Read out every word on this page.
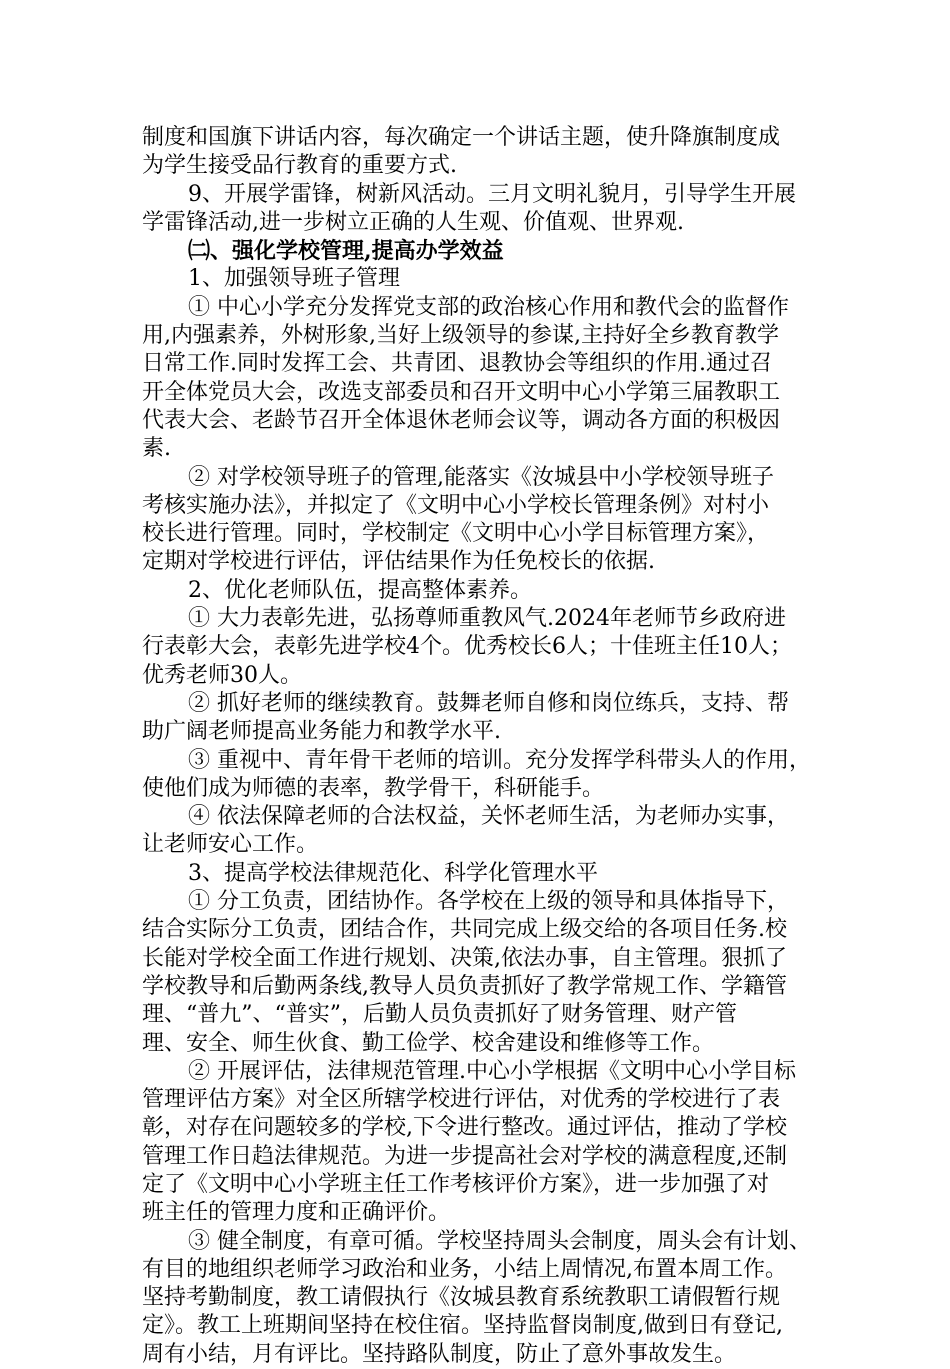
制度和国旗下讲话内容，每次确定一个讲话主题，使升降旗制度成
为学生接受品行教育的重要方式.
9、开展学雷锋，树新风活动。三月文明礼貌月，引导学生开展
学雷锋活动,进一步树立正确的人生观、价值观、世界观.
㈡、强化学校管理,提高办学效益
1、加强领导班子管理
① 中心小学充分发挥党支部的政治核心作用和教代会的监督作
用,内强素养，外树形象,当好上级领导的参谋,主持好全乡教育教学
日常工作.同时发挥工会、共青团、退教协会等组织的作用.通过召
开全体党员大会，改选支部委员和召开文明中心小学第三届教职工
代表大会、老龄节召开全体退休老师会议等，调动各方面的积极因
素.
② 对学校领导班子的管理,能落实《汝城县中小学校领导班子
考核实施办法》，并拟定了《文明中心小学校长管理条例》对村小
校长进行管理。同时，学校制定《文明中心小学目标管理方案》，
定期对学校进行评估，评估结果作为任免校长的依据.
2、优化老师队伍，提高整体素养。
① 大力表彰先进，弘扬尊师重教风气.2024年老师节乡政府进
行表彰大会，表彰先进学校4个。优秀校长6人；十佳班主任10人；
优秀老师30人。
② 抓好老师的继续教育。鼓舞老师自修和岗位练兵，支持、帮
助广阔老师提高业务能力和教学水平.
③ 重视中、青年骨干老师的培训。充分发挥学科带头人的作用，
使他们成为师德的表率，教学骨干，科研能手。
④ 依法保障老师的合法权益，关怀老师生活，为老师办实事，
让老师安心工作。
3、提高学校法律规范化、科学化管理水平
① 分工负责，团结协作。各学校在上级的领导和具体指导下，
结合实际分工负责，团结合作，共同完成上级交给的各项目任务.校
长能对学校全面工作进行规划、决策,依法办事，自主管理。狠抓了
学校教导和后勤两条线,教导人员负责抓好了教学常规工作、学籍管
理、“普九”、“普实”，后勤人员负责抓好了财务管理、财产管
理、安全、师生伙食、勤工俭学、校舍建设和维修等工作。
② 开展评估，法律规范管理.中心小学根据《文明中心小学目标
管理评估方案》对全区所辖学校进行评估，对优秀的学校进行了表
彰，对存在问题较多的学校,下令进行整改。通过评估，推动了学校
管理工作日趋法律规范。为进一步提高社会对学校的满意程度,还制
定了《文明中心小学班主任工作考核评价方案》，进一步加强了对
班主任的管理力度和正确评价。
③ 健全制度，有章可循。学校坚持周头会制度，周头会有计划、
有目的地组织老师学习政治和业务，小结上周情况,布置本周工作。
坚持考勤制度，教工请假执行《汝城县教育系统教职工请假暂行规
定》。教工上班期间坚持在校住宿。坚持监督岗制度,做到日有登记,
周有小结，月有评比。坚持路队制度，防止了意外事故发生。
